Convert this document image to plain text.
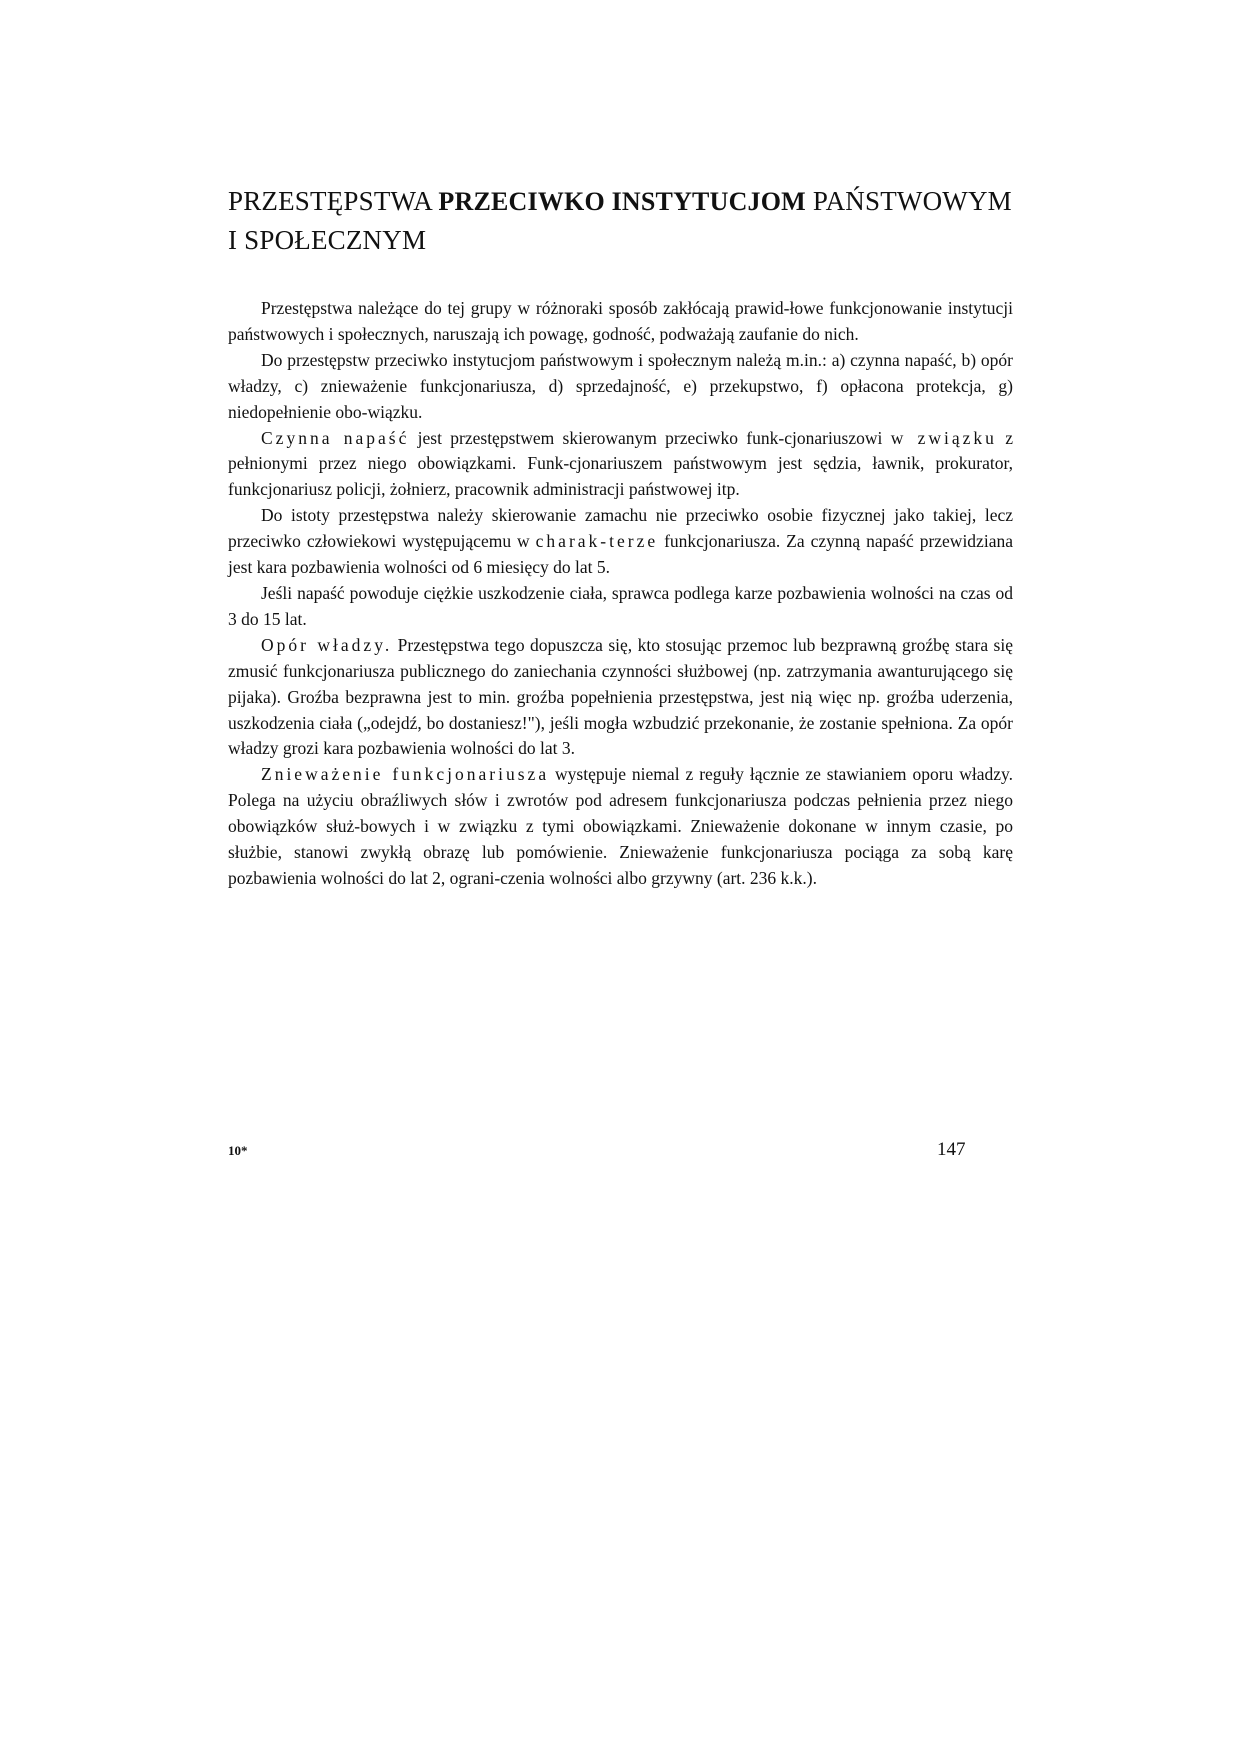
PRZESTĘPSTWA PRZECIWKO INSTYTUCJOM PAŃSTWOWYM
I SPOŁECZNYM

Przestępstwa należące do tej grupy w różnoraki sposób zakłócają prawid-łowe funkcjonowanie instytucji państwowych i społecznych, naruszają ich powagę, godność, podważają zaufanie do nich.

Do przestępstw przeciwko instytucjom państwowym i społecznym należą m.in.: a) czynna napaść, b) opór władzy, c) znieważenie funkcjonariusza, d) sprzedajność, e) przekupstwo, f) opłacona protekcja, g) niedopełnienie obo-wiązku.

Czynna napaść jest przestępstwem skierowanym przeciwko funk-cjonariuszowi w związku z pełnionymi przez niego obowiązkami. Funk-cjonariuszem państwowym jest sędzia, ławnik, prokurator, funkcjonariusz policji, żołnierz, pracownik administracji państwowej itp.

Do istoty przestępstwa należy skierowanie zamachu nie przeciwko osobie fizycznej jako takiej, lecz przeciwko człowiekowi występującemu w charak-terze funkcjonariusza. Za czynną napaść przewidziana jest kara pozbawienia wolności od 6 miesięcy do lat 5.

Jeśli napaść powoduje ciężkie uszkodzenie ciała, sprawca podlega karze pozbawienia wolności na czas od 3 do 15 lat.

Opór władzy. Przestępstwa tego dopuszcza się, kto stosując przemoc lub bezprawną groźbę stara się zmusić funkcjonariusza publicznego do zaniechania czynności służbowej (np. zatrzymania awanturującego się pijaka). Groźba bezprawna jest to min. groźba popełnienia przestępstwa, jest nią więc np. groźba uderzenia, uszkodzenia ciała („odejdź, bo dostaniesz!"), jeśli mogła wzbudzić przekonanie, że zostanie spełniona. Za opór władzy grozi kara pozbawienia wolności do lat 3.

Znieważenie funkcjonariusza występuje niemal z reguły łącznie ze stawianiem oporu władzy. Polega na użyciu obraźliwych słów i zwrotów pod adresem funkcjonariusza podczas pełnienia przez niego obowiązków służ-bowych i w związku z tymi obowiązkami. Znieważenie dokonane w innym czasie, po służbie, stanowi zwykłą obrazę lub pomówienie. Znieważenie funkcjonariusza pociąga za sobą karę pozbawienia wolności do lat 2, ograni-czenia wolności albo grzywny (art. 236 k.k.).

10*	147
